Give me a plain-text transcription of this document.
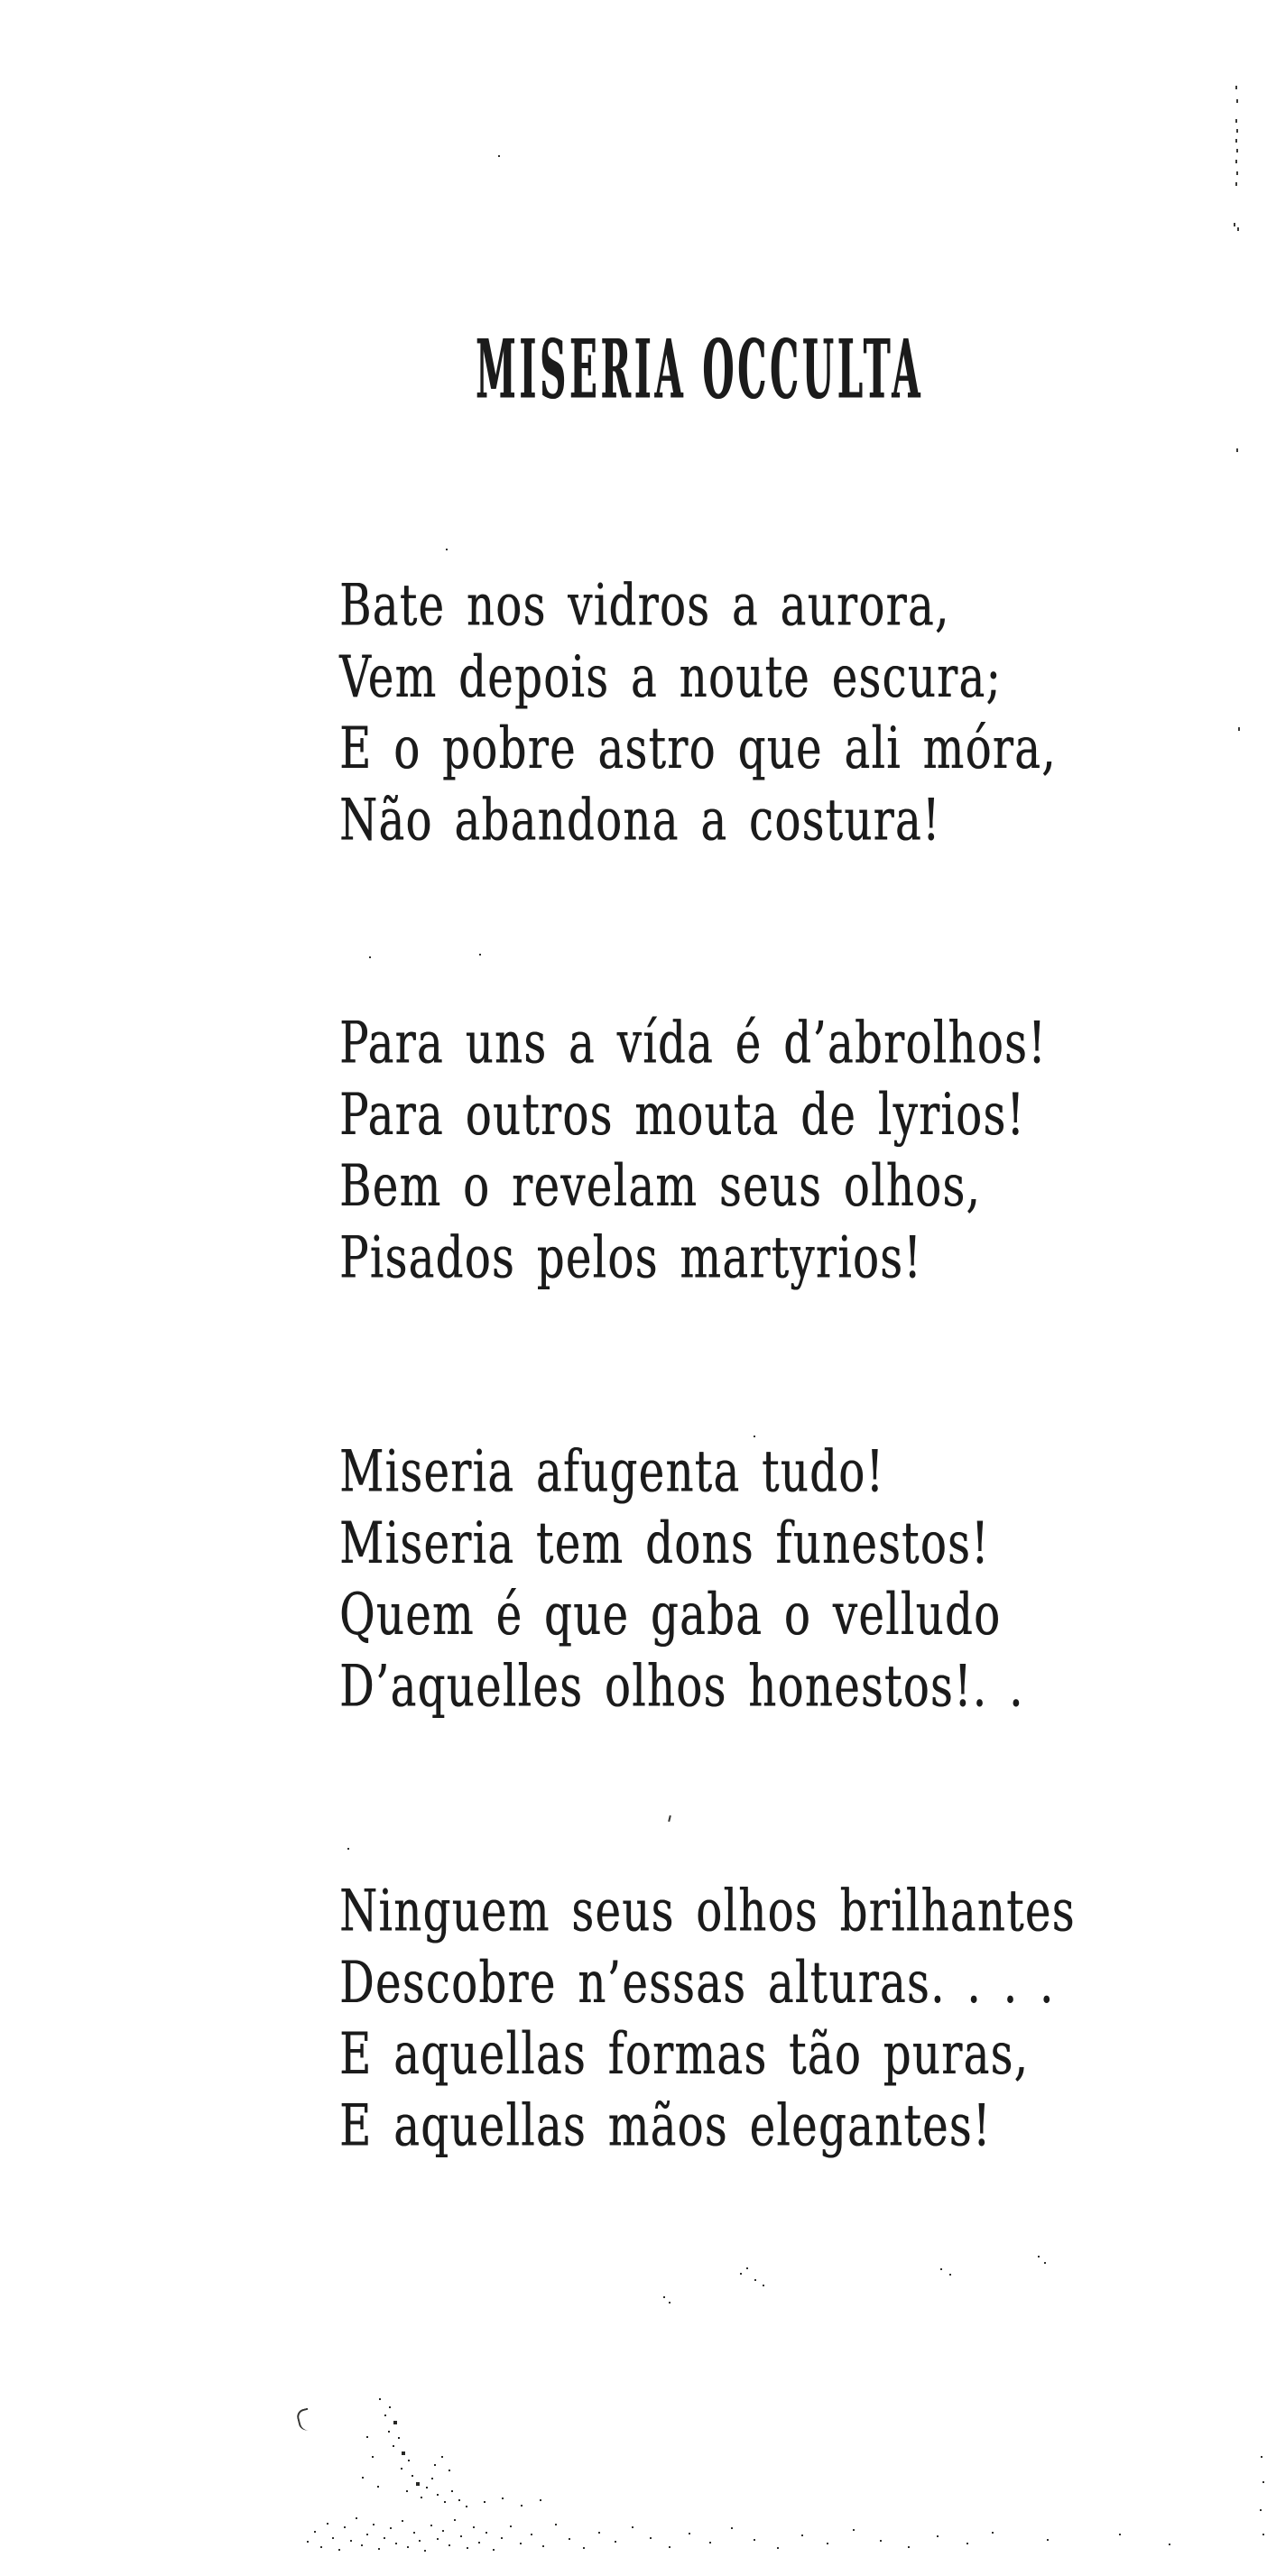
MISERIA OCCULTA
Bate nos vidros a aurora,
Vem depois a noute escura;
E o pobre astro que ali móra,
Não abandona a costura!
Para uns a vída é d’abrolhos!
Para outros mouta de lyrios!
Bem o revelam seus olhos,
Pisados pelos martyrios!
Miseria afugenta tudo!
Miseria tem dons funestos!
Quem é que gaba o velludo
D’aquelles olhos honestos!. .
Ninguem seus olhos brilhantes
Descobre n’essas alturas. . . .
E aquellas formas tão puras,
E aquellas mãos elegantes!
